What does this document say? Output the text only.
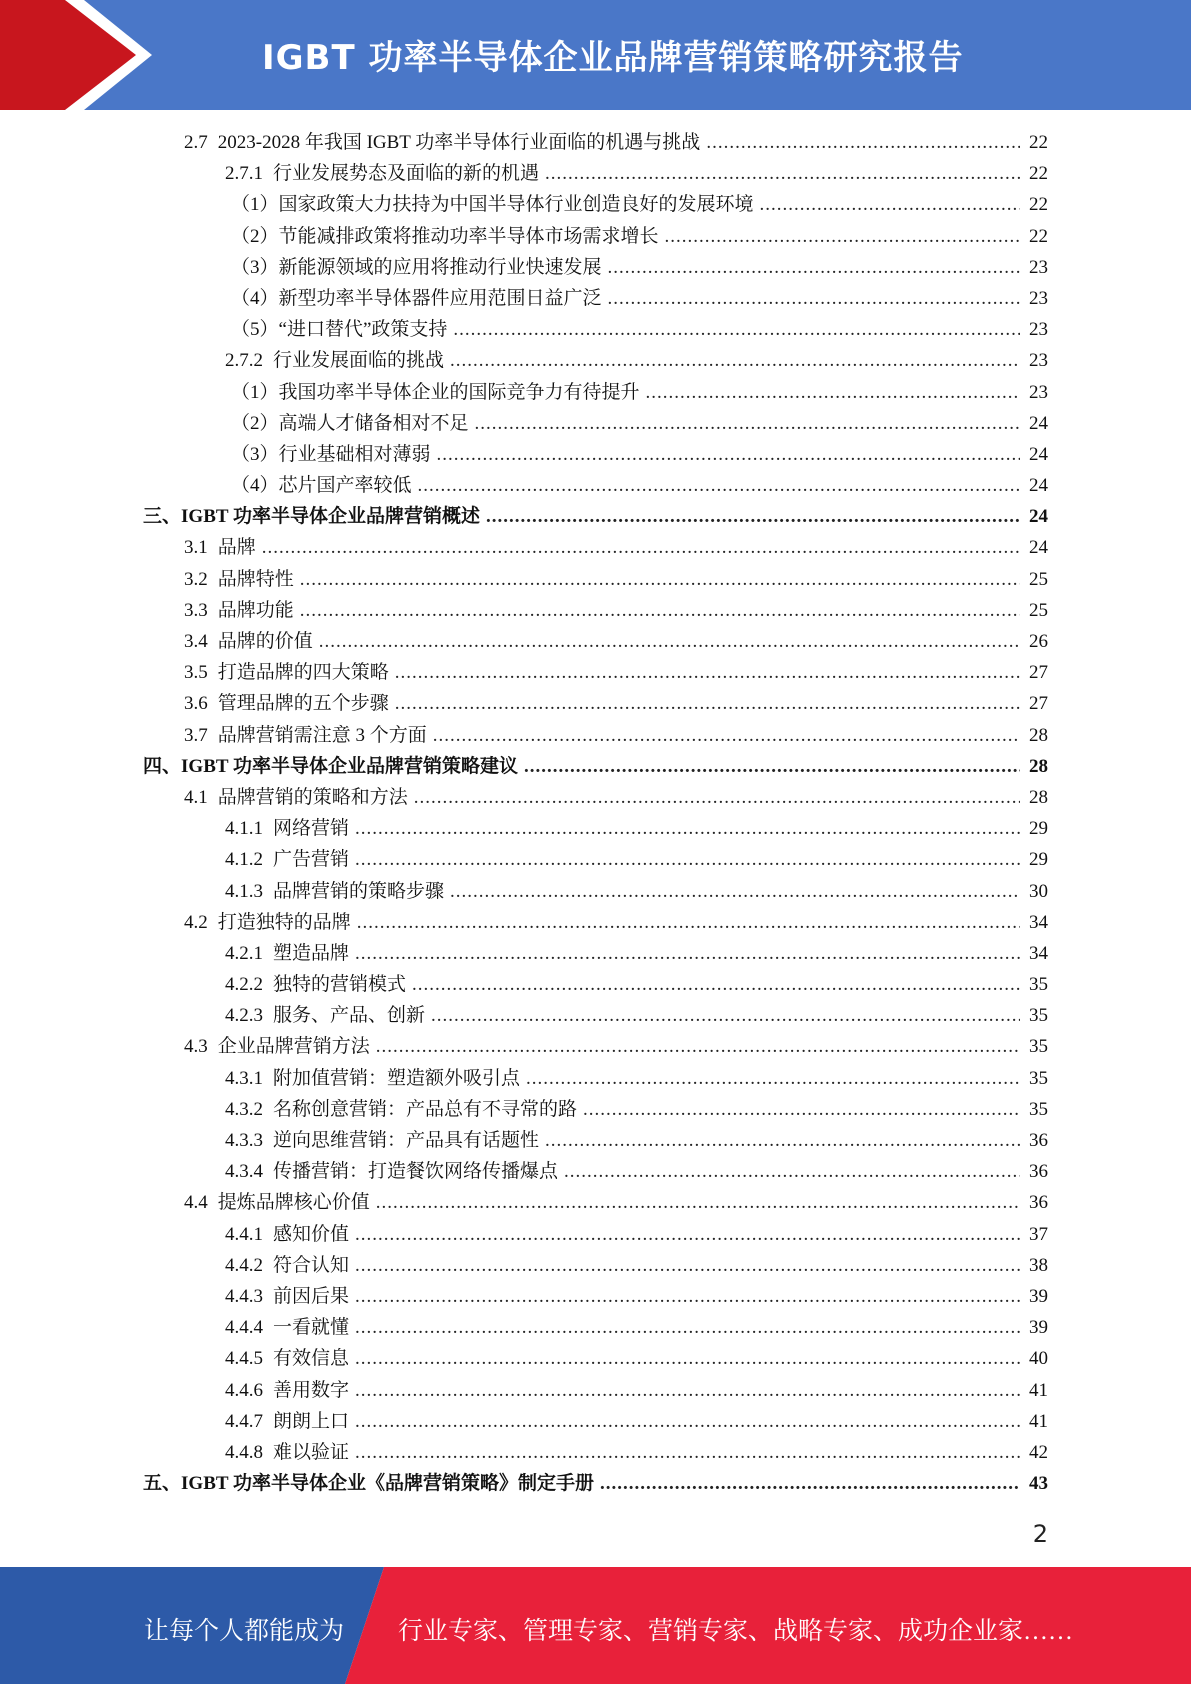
IGBT 功率半导体企业品牌营销策略研究报告
2.7 2023-2028 年我国 IGBT 功率半导体行业面临的机遇与挑战 .....	22
2.7.1 行业发展势态及面临的新的机遇 .....	22
（1） 国家政策大力扶持为中国半导体行业创造良好的发展环境 .....	22
（2） 节能减排政策将推动功率半导体市场需求增长 .....	22
（3） 新能源领域的应用将推动行业快速发展 .....	23
（4） 新型功率半导体器件应用范围日益广泛 .....	23
（5） “进口替代”政策支持 .....	23
2.7.2 行业发展面临的挑战 .....	23
（1） 我国功率半导体企业的国际竞争力有待提升 .....	23
（2） 高端人才储备相对不足 .....	24
（3） 行业基础相对薄弱 .....	24
（4） 芯片国产率较低 .....	24
三、 IGBT 功率半导体企业品牌营销概述 .....	24
3.1 品牌 .....	24
3.2 品牌特性 .....	25
3.3 品牌功能 .....	25
3.4 品牌的价值 .....	26
3.5 打造品牌的四大策略 .....	27
3.6 管理品牌的五个步骤 .....	27
3.7 品牌营销需注意 3 个方面 .....	28
四、 IGBT 功率半导体企业品牌营销策略建议 .....	28
4.1 品牌营销的策略和方法 .....	28
4.1.1 网络营销 .....	29
4.1.2 广告营销 .....	29
4.1.3 品牌营销的策略步骤 .....	30
4.2 打造独特的品牌 .....	34
4.2.1 塑造品牌 .....	34
4.2.2 独特的营销模式 .....	35
4.2.3 服务、产品、创新 .....	35
4.3 企业品牌营销方法 .....	35
4.3.1 附加值营销：塑造额外吸引点 .....	35
4.3.2 名称创意营销：产品总有不寻常的路 .....	35
4.3.3 逆向思维营销：产品具有话题性 .....	36
4.3.4 传播营销：打造餐饮网络传播爆点 .....	36
4.4 提炼品牌核心价值 .....	36
4.4.1 感知价值 .....	37
4.4.2 符合认知 .....	38
4.4.3 前因后果 .....	39
4.4.4 一看就懂 .....	39
4.4.5 有效信息 .....	40
4.4.6 善用数字 .....	41
4.4.7 朗朗上口 .....	41
4.4.8 难以验证 .....	42
五、 IGBT 功率半导体企业《品牌营销策略》制定手册 .....	43
2
让每个人都能成为 行业专家、管理专家、营销专家、战略专家、成功企业家……
